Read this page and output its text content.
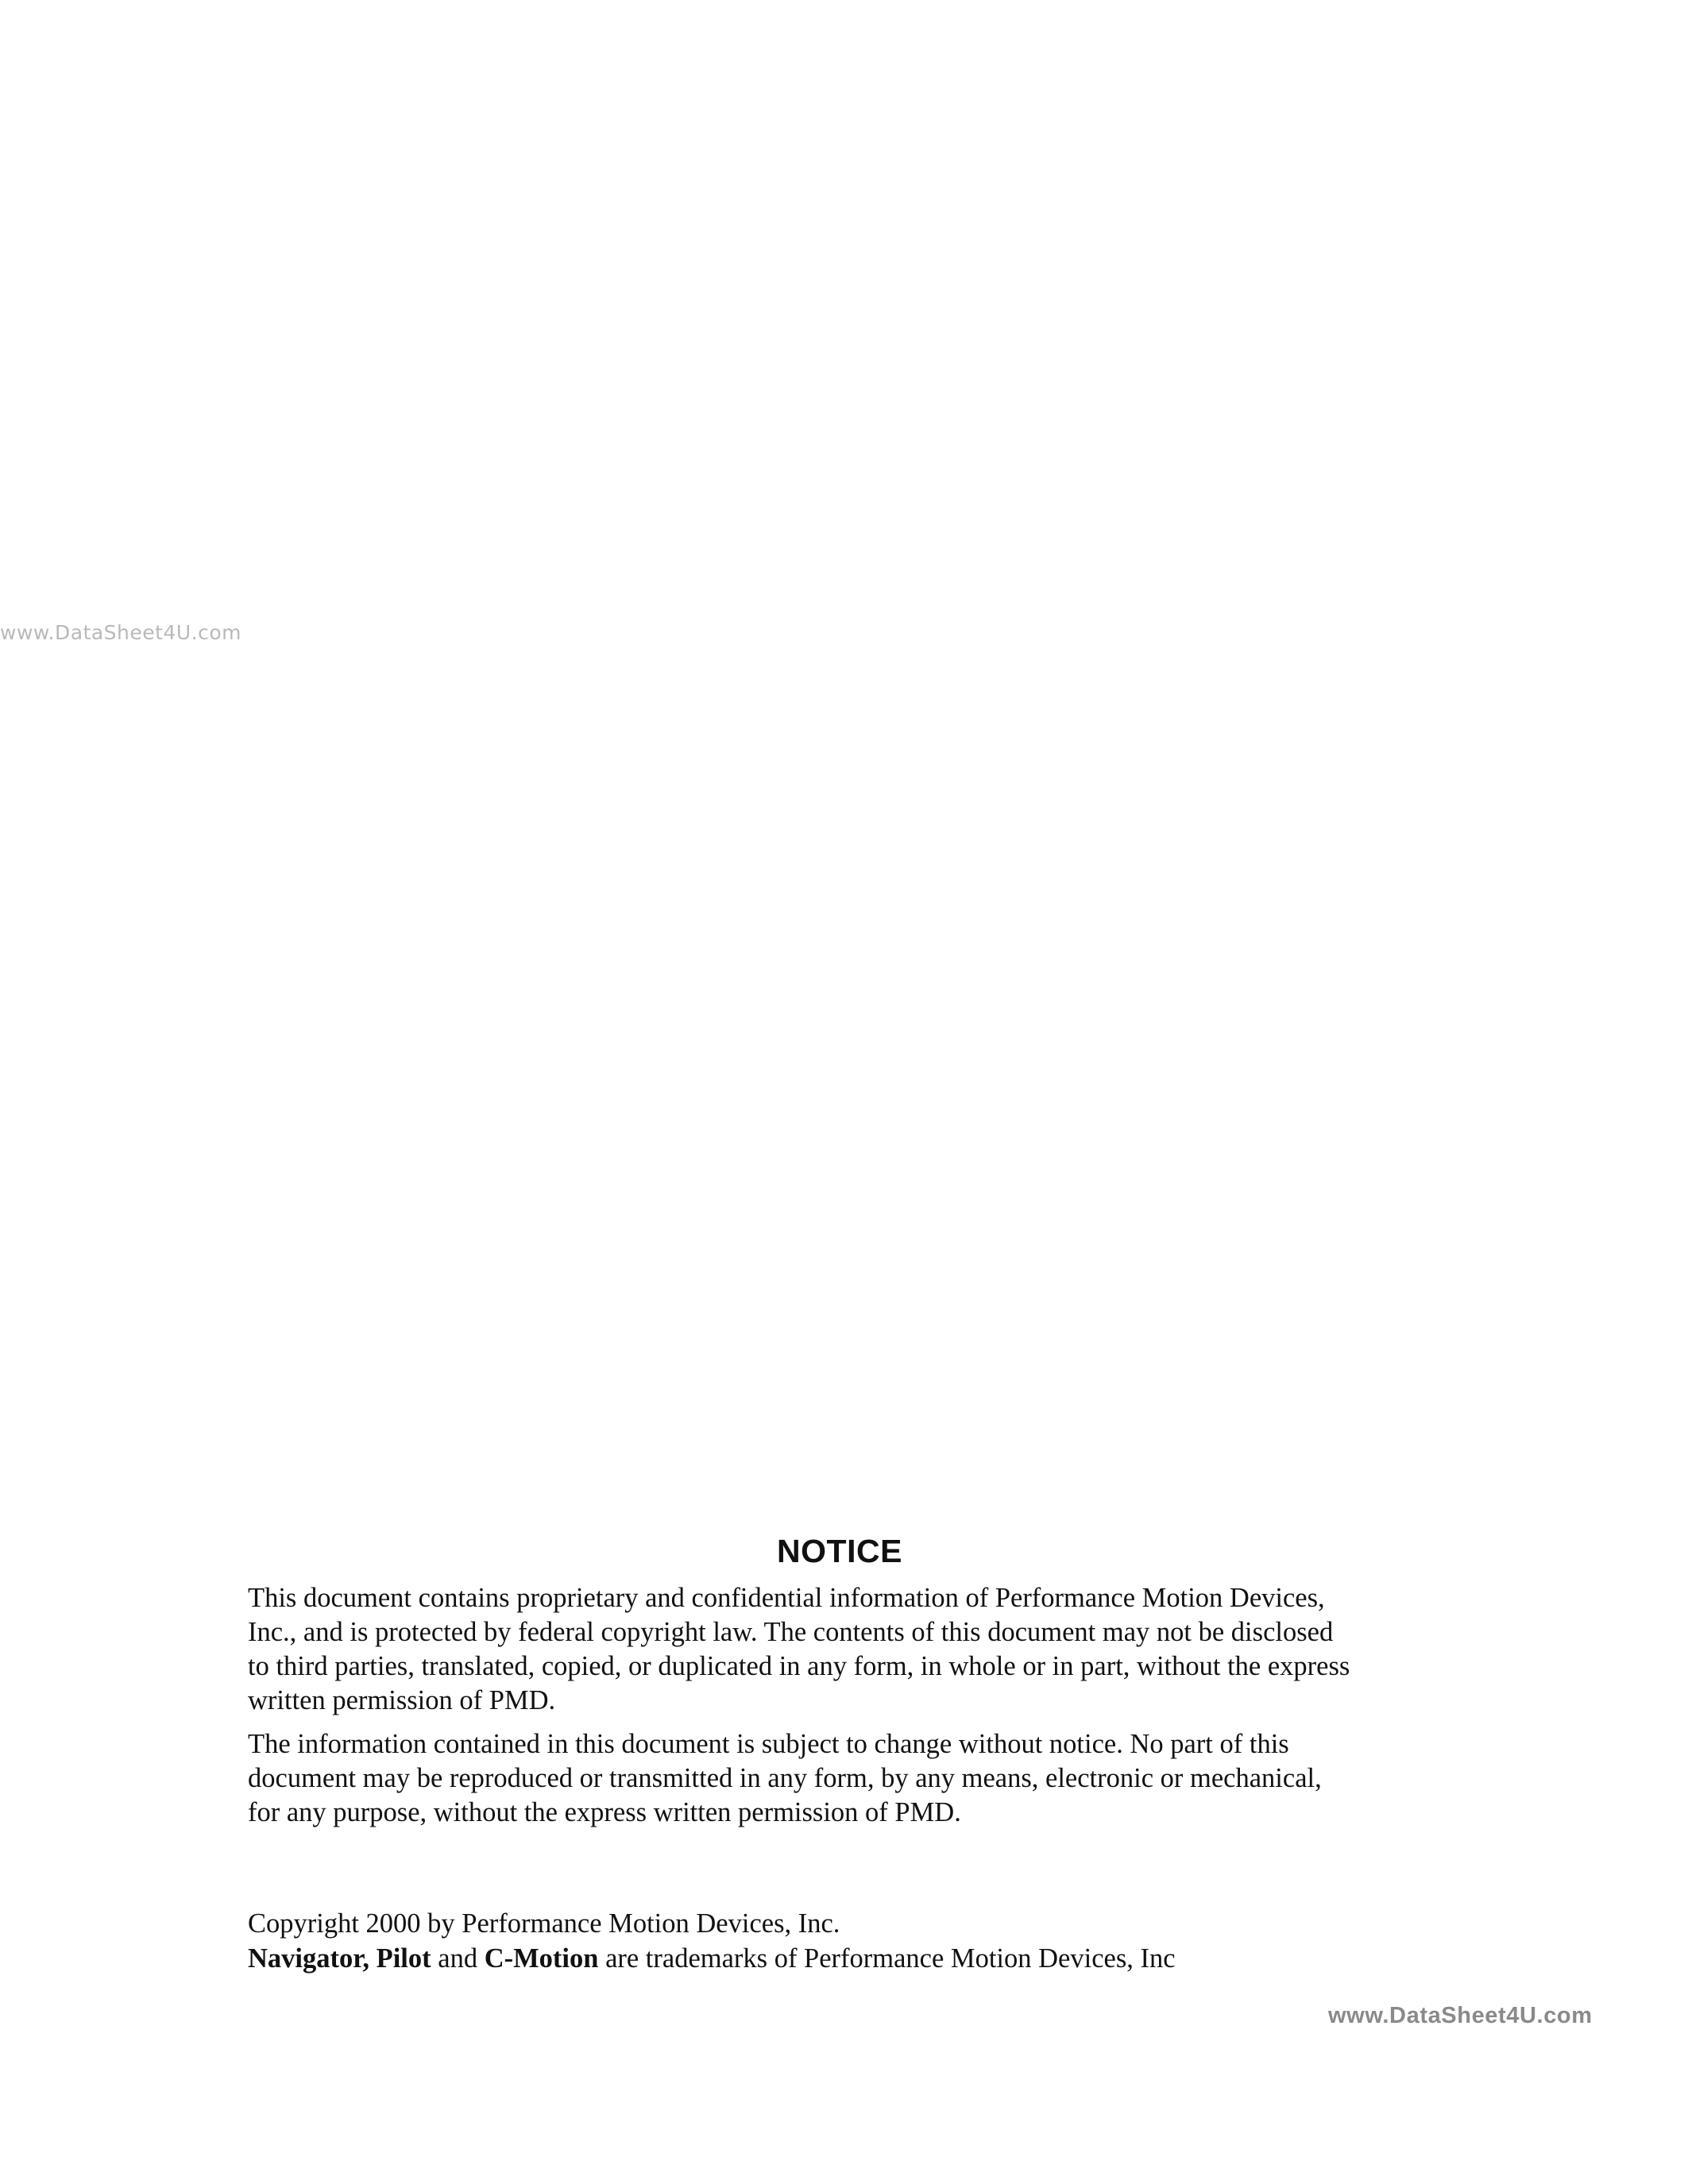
www.DataSheet4U.com
NOTICE
This document contains proprietary and confidential information of Performance Motion Devices,
Inc., and is protected by federal copyright law. The contents of this document may not be disclosed
to third parties, translated, copied, or duplicated in any form, in whole or in part, without the express
written permission of PMD.
The information contained in this document is subject to change without notice. No part of this
document may be reproduced or transmitted in any form, by any means, electronic or mechanical,
for any purpose, without the express written permission of PMD.
Copyright 2000 by Performance Motion Devices, Inc.
Navigator, Pilot and C-Motion are trademarks of Performance Motion Devices, Inc
www.DataSheet4U.com
